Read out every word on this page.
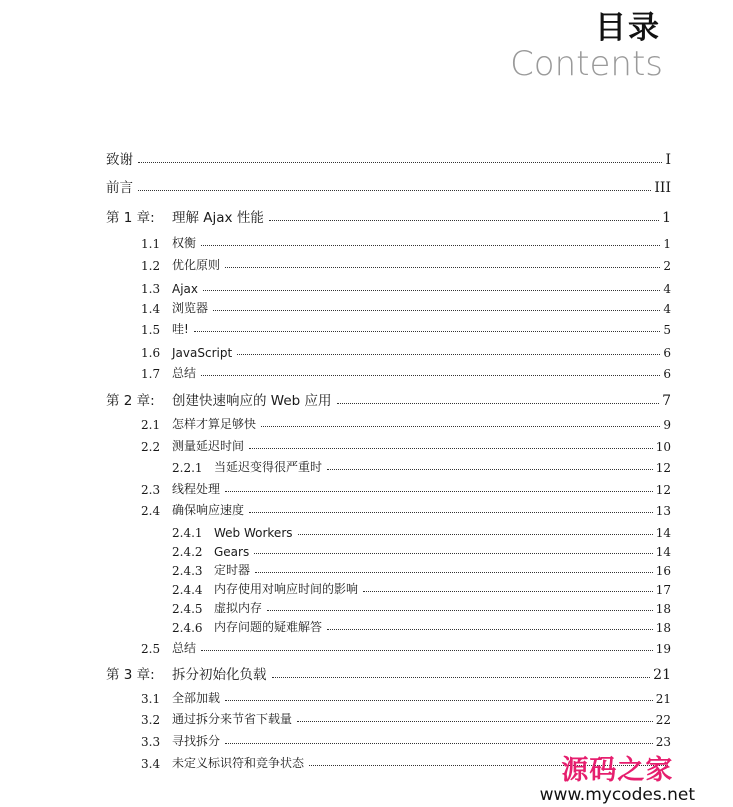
目录
Contents
致谢	I
前言	III
第 1 章: 理解 Ajax 性能	1
1.1 权衡	1
1.2 优化原则	2
1.3 Ajax	4
1.4 浏览器	4
1.5 哇!	5
1.6 JavaScript	6
1.7 总结	6
第 2 章: 创建快速响应的 Web 应用	7
2.1 怎样才算足够快	9
2.2 测量延迟时间	10
2.2.1 当延迟变得很严重时	12
2.3 线程处理	12
2.4 确保响应速度	13
2.4.1 Web Workers	14
2.4.2 Gears	14
2.4.3 定时器	16
2.4.4 内存使用对响应时间的影响	17
2.4.5 虚拟内存	18
2.4.6 内存问题的疑难解答	18
2.5 总结	19
第 3 章: 拆分初始化负载	21
3.1 全部加载	21
3.2 通过拆分来节省下载量	22
3.3 寻找拆分	23
3.4 未定义标识符和竞争状态	源码之家
www.mycodes.net
